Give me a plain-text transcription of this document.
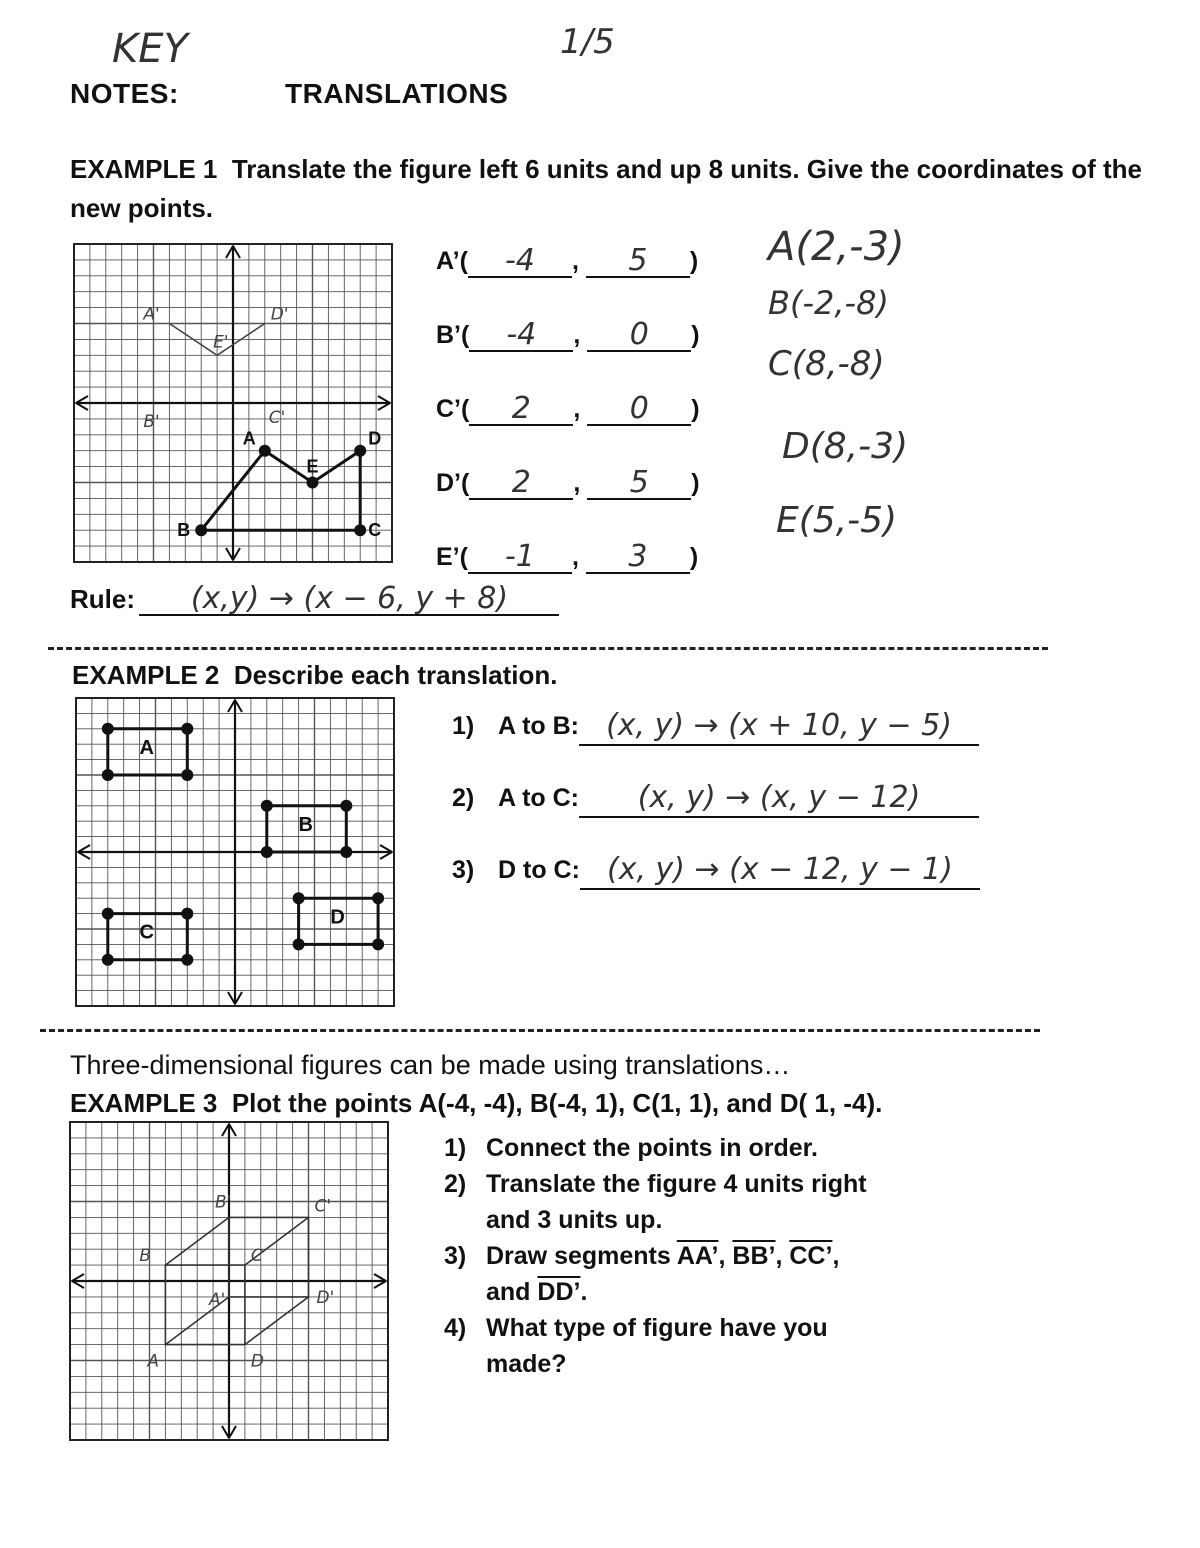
KEY	1/5
NOTES:	TRANSLATIONS
EXAMPLE 1 Translate the figure left 6 units and up 8 units. Give the coordinates of the new points.
A
B	C
D
E
A'
B'	C'
D'
E'
A’(	-4	,	5	)
B’(	-4	,	0	)
C’(	2	,	0	)
D’(	2	,	5	)
E’(	-1	,	3	)
A(2,-3)
B(-2,-8)
C(8,-8)
D(8,-3)
E(5,-5)
Rule: (x,y) → (x − 6, y + 8)
EXAMPLE 2 Describe each translation.
A
B
C
D
1) A to B: (x, y) → (x + 10, y − 5)
2) A to C:	(x, y) → (x, y − 12)
3) D to C: (x, y) → (x − 12, y − 1)
Three-dimensional figures can be made using translations…
EXAMPLE 3 Plot the points A(-4, -4), B(-4, 1), C(1, 1), and D( 1, -4).
A
B	C
D
A'
B'	C'
D'
1) Connect the points in order.
2) Translate the figure 4 units right
and 3 units up.
3) Draw segments AA’, BB’, CC’,
and DD’.
4) What type of figure have you
made?
